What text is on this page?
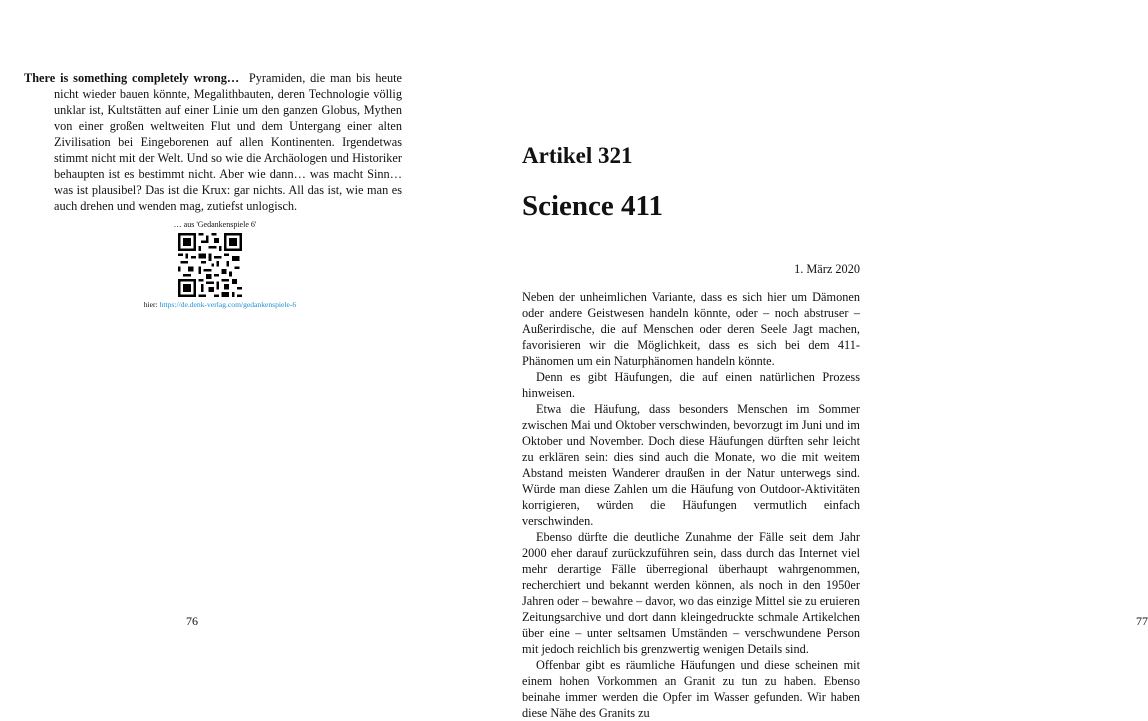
There is something completely wrong… Pyramiden, die man bis heute nicht wieder bauen könnte, Megalithbauten, deren Technologie völlig unklar ist, Kultstätten auf einer Linie um den ganzen Globus, Mythen von einer großen weltweiten Flut und dem Untergang einer alten Zivilisation bei Eingeborenen auf allen Kontinenten. Irgendetwas stimmt nicht mit der Welt. Und so wie die Archäologen und Historiker behaupten ist es bestimmt nicht. Aber wie dann… was macht Sinn… was ist plausibel? Das ist die Krux: gar nichts. All das ist, wie man es auch drehen und wenden mag, zutiefst unlogisch.
… aus 'Gedankenspiele 6'
hier: https://de.denk-verlag.com/gedankenspiele-6
76
Artikel 321
Science 411
1. März 2020

Neben der unheimlichen Variante, dass es sich hier um Dämonen oder andere Geistwesen handeln könnte, oder – noch abstruser – Außerirdische, die auf Menschen oder deren Seele Jagt machen, favorisieren wir die Möglichkeit, dass es sich bei dem 411-Phänomen um ein Naturphänomen handeln könnte.

Denn es gibt Häufungen, die auf einen natürlichen Prozess hinweisen.

Etwa die Häufung, dass besonders Menschen im Sommer zwischen Mai und Oktober verschwinden, bevorzugt im Juni und im Oktober und November. Doch diese Häufungen dürften sehr leicht zu erklären sein: dies sind auch die Monate, wo die mit weitem Abstand meisten Wanderer draußen in der Natur unterwegs sind. Würde man diese Zahlen um die Häufung von Outdoor-Aktivitäten korrigieren, würden die Häufungen vermutlich einfach verschwinden.

Ebenso dürfte die deutliche Zunahme der Fälle seit dem Jahr 2000 eher darauf zurückzuführen sein, dass durch das Internet viel mehr derartige Fälle überregional überhaupt wahrgenommen, recherchiert und bekannt werden können, als noch in den 1950er Jahren oder – bewahre – davor, wo das einzige Mittel sie zu eruieren Zeitungsarchive und dort dann kleingedruckte schmale Artikelchen über eine – unter seltsamen Umständen – verschwundene Person mit jedoch reichlich bis grenzwertig wenigen Details sind.

Offenbar gibt es räumliche Häufungen und diese scheinen mit einem hohen Vorkommen an Granit zu tun zu haben. Ebenso beinahe immer werden die Opfer im Wasser gefunden. Wir haben diese Nähe des Granits zu

77
